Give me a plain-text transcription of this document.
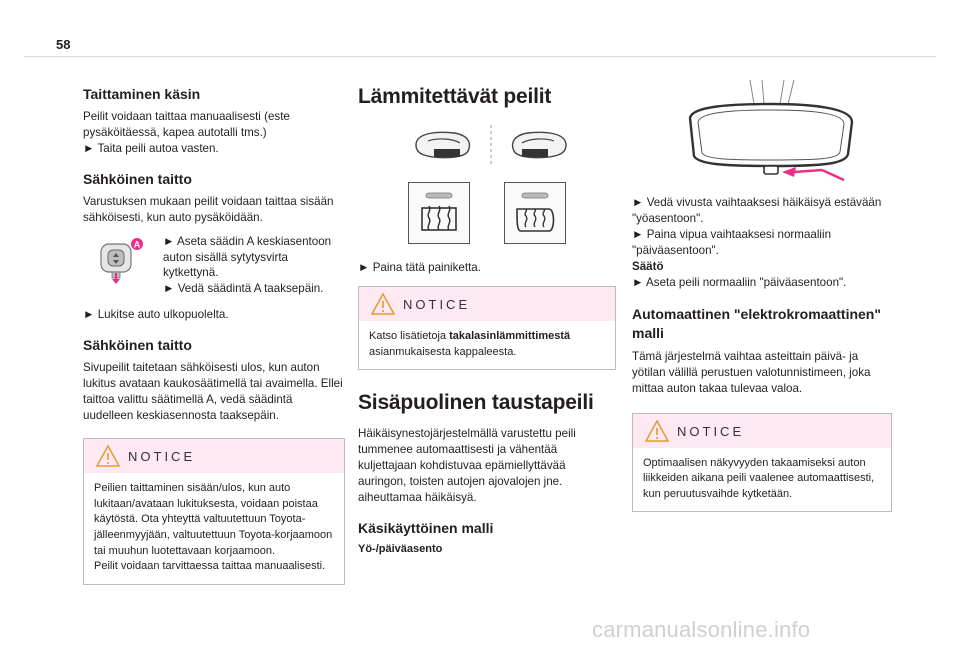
58
Taittaminen käsin

Peilit voidaan taittaa manuaalisesti (este pysäköitäessä, kapea autotalli tms.)

► Taita peili autoa vasten.

Sähköinen taitto

Varustuksen mukaan peilit voidaan taittaa sisään sähköisesti, kun auto pysäköidään.

A ► Aseta säädin A keskiasentoon auton sisällä sytytysvirta kytkettynä.
► Vedä säädintä A taaksepäin.

► Lukitse auto ulkopuolelta.

Sähköinen taitto

Sivupeilit taitetaan sähköisesti ulos, kun auton lukitus avataan kaukosäätimellä tai avaimella. Ellei taittoa valittu säätimellä A, vedä säädintä uudelleen keskiasennosta taaksepäin.

NOTICE
Peilien taittaminen sisään/ulos, kun auto lukitaan/avataan lukituksesta, voidaan poistaa käytöstä. Ota yhteyttä valtuutettuun Toyota-jälleenmyyjään, valtuutettuun Toyota-korjaamoon tai muuhun luotettavaan korjaamoon.
Peilit voidaan tarvittaessa taittaa manuaalisesti.
Lämmitettävät peilit

► Paina tätä painiketta.

NOTICE
Katso lisätietoja takalasinlämmittimestä asianmukaisesta kappaleesta.
Sisäpuolinen taustapeili

Häikäisynestojärjestelmällä varustettu peili tummenee automaattisesti ja vähentää kuljettajaan kohdistuvaa epämiellyttävää auringon, toisten autojen ajovalojen jne. aiheuttamaa häikäisyä.

Käsikäyttöinen malli

Yö-/päiväasento

► Vedä vivusta vaihtaaksesi häikäisyä estävään "yöasentoon".

► Paina vipua vaihtaaksesi normaaliin "päiväasentoon".

Säätö

► Aseta peili normaaliin "päiväasentoon".

Automaattinen "elektrokromaattinen" malli

Tämä järjestelmä vaihtaa asteittain päivä- ja yötilan välillä perustuen valotunnistimeen, joka mittaa auton takaa tulevaa valoa.

NOTICE
Optimaalisen näkyvyyden takaamiseksi auton liikkeiden aikana peili vaalenee automaattisesti, kun peruutusvaihde kytketään.
carmanualsonline.info
